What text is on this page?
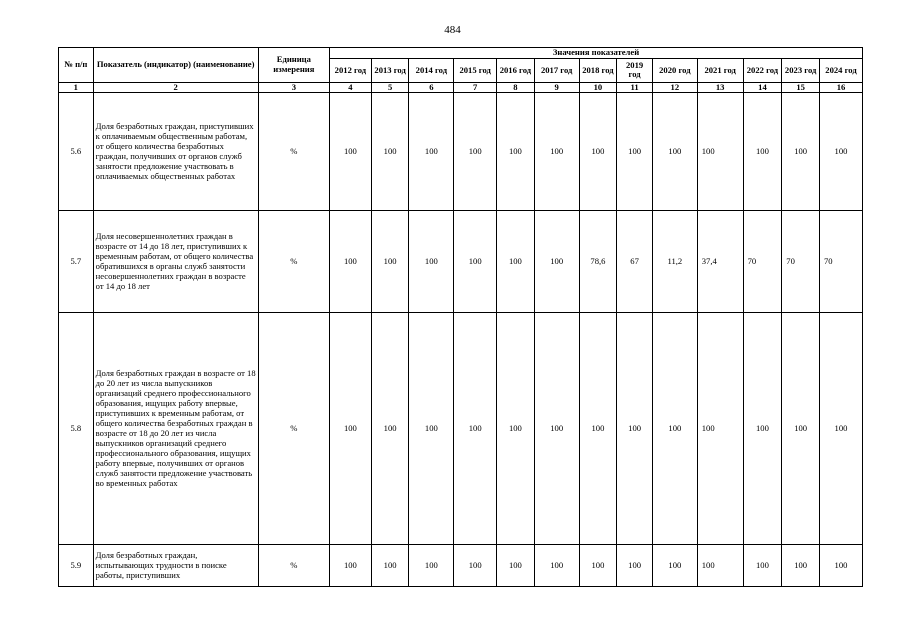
484
№ п/п	Показатель (индикатор) (наименование)	Единица измерения	Значения показателей												
			2012 год	2013 год	2014 год	2015 год	2016 год	2017 год	2018 год	2019 год	2020 год	2021 год	2022 год	2023 год	2024 год
1	2	3	4	5	6	7	8	9	10	11	12	13	14	15	16
5.6	Доля безработных граждан, приступивших к оплачиваемым общественным работам, от общего количества безработных граждан, получивших от органов служб занятости предложение участвовать в оплачиваемых общественных работах	%	100	100	100	100	100	100	100	100	100	100	100	100	100
5.7	Доля несовершеннолетних граждан в возрасте от 14 до 18 лет, приступивших к временным работам, от общего количества обратившихся в органы служб занятости несовершеннолетних граждан в возрасте от 14 до 18 лет	%	100	100	100	100	100	100	78,6	67	11,2	37,4	70	70	70
5.8	Доля безработных граждан в возрасте от 18 до 20 лет из числа выпускников организаций среднего профессионального образования, ищущих работу впервые, приступивших к временным работам, от общего количества безработных граждан в возрасте от 18 до 20 лет из числа выпускников организаций среднего профессионального образования, ищущих работу впервые, получивших от органов служб занятости предложение участвовать во временных работах	%	100	100	100	100	100	100	100	100	100	100	100	100	100
5.9	Доля безработных граждан, испытывающих трудности в поиске работы, приступивших	%	100	100	100	100	100	100	100	100	100	100	100	100	100
